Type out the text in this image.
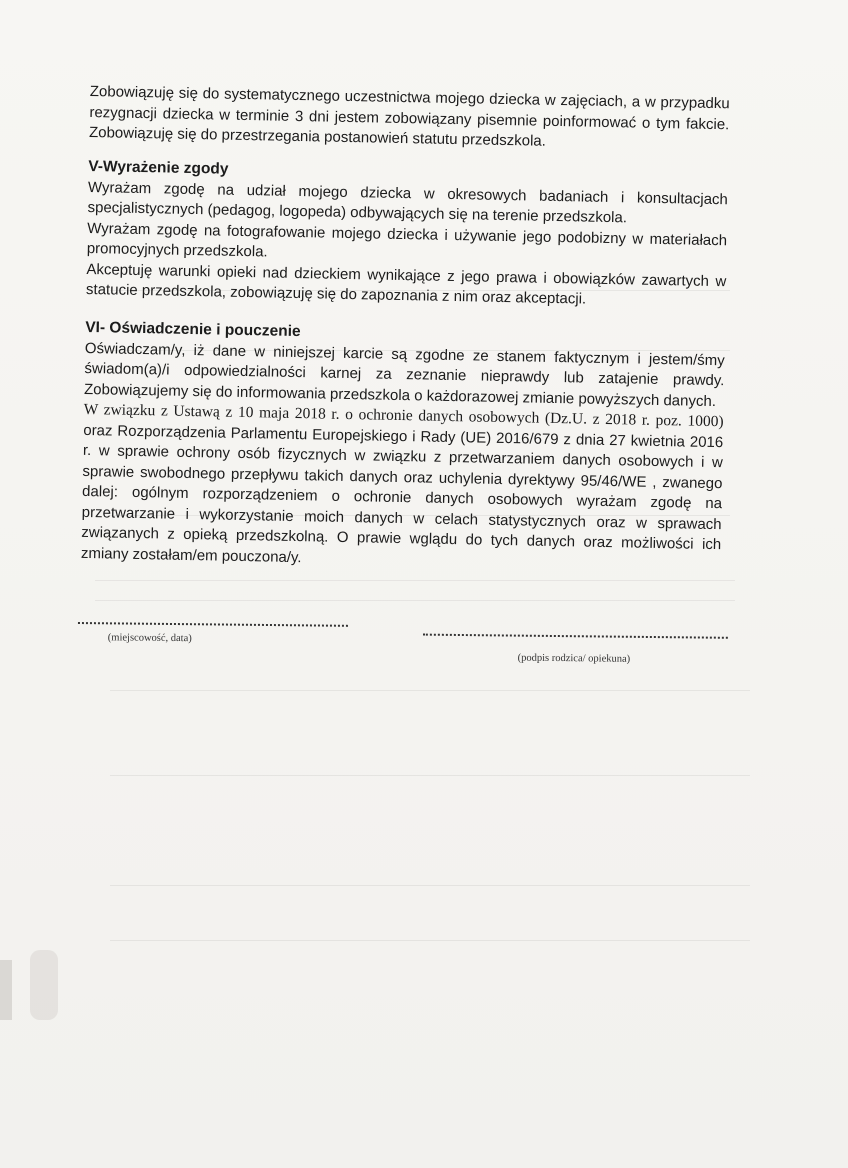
Zobowiązuję się do systematycznego uczestnictwa mojego dziecka w zajęciach, a w przypadku rezygnacji dziecka w terminie 3 dni jestem zobowiązany pisemnie poinformować o tym fakcie. Zobowiązuję się do przestrzegania postanowień statutu przedszkola.

V-Wyrażenie zgody

Wyrażam zgodę na udział mojego dziecka w okresowych badaniach i konsultacjach specjalistycznych (pedagog, logopeda) odbywających się na terenie przedszkola.

Wyrażam zgodę na fotografowanie mojego dziecka i używanie jego podobizny w materiałach promocyjnych przedszkola.

Akceptuję warunki opieki nad dzieckiem wynikające z jego prawa i obowiązków zawartych w statucie przedszkola, zobowiązuję się do zapoznania z nim oraz akceptacji.

VI- Oświadczenie i pouczenie

Oświadczam/y, iż dane w niniejszej karcie są zgodne ze stanem faktycznym i jestem/śmy świadom(a)/i odpowiedzialności karnej za zeznanie nieprawdy lub zatajenie prawdy. Zobowiązujemy się do informowania przedszkola o każdorazowej zmianie powyższych danych.

W związku z Ustawą z 10 maja 2018 r. o ochronie danych osobowych (Dz.U. z 2018 r. poz. 1000) oraz Rozporządzenia Parlamentu Europejskiego i Rady (UE) 2016/679 z dnia 27 kwietnia 2016 r. w sprawie ochrony osób fizycznych w związku z przetwarzaniem danych osobowych i w sprawie swobodnego przepływu takich danych oraz uchylenia dyrektywy 95/46/WE , zwanego dalej: ogólnym rozporządzeniem o ochronie danych osobowych wyrażam zgodę na przetwarzanie i wykorzystanie moich danych w celach statystycznych oraz w sprawach związanych z opieką przedszkolną. O prawie wglądu do tych danych oraz możliwości ich zmiany zostałam/em pouczona/y.

(miejscowość, data)
(podpis rodzica/ opiekuna)
